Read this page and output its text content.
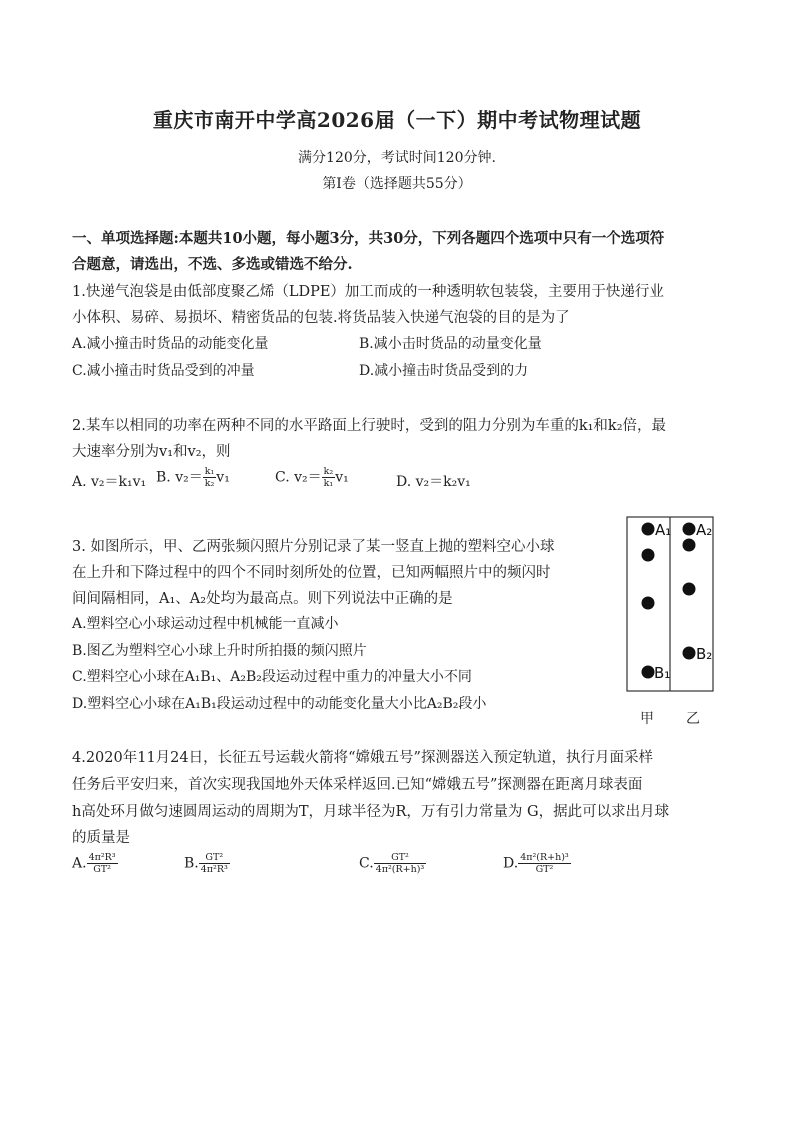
重庆市南开中学高2026届（一下）期中考试物理试题
满分120分，考试时间120分钟.
第Ⅰ卷（选择题共55分）
一、单项选择题:本题共10小题，每小题3分，共30分，下列各题四个选项中只有一个选项符
合题意，请选出，不选、多选或错选不给分.
1.快递气泡袋是由低部度聚乙烯（LDPE）加工而成的一种透明软包装袋，主要用于快递行业
小体积、易碎、易损坏、精密货品的包装.将货品装入快递气泡袋的目的是为了
A.减小撞击时货品的动能变化量	B.减小击时货品的动量变化量
C.减小撞击时货品受到的冲量	D.减小撞击时货品受到的力
2.某车以相同的功率在两种不同的水平路面上行驶时，受到的阻力分别为车重的k₁和k₂倍，最
大速率分别为v₁和v₂，则
A. v₂＝k₁v₁ B. $v_2= \frac{\text{k₁}}{\text{k₂}} v_1$	C. $v_2= \frac{\text{k₂}}{\text{k₁}} v_1$	D. v₂＝k₂v₁
3. 如图所示，甲、乙两张频闪照片分别记录了某一竖直上抛的塑料空心小球
在上升和下降过程中的四个不同时刻所处的位置，已知两幅照片中的频闪时
间间隔相同，A₁、A₂处均为最高点。则下列说法中正确的是
A.塑料空心小球运动过程中机械能一直减小
B.图乙为塑料空心小球上升时所拍摄的频闪照片
C.塑料空心小球在A₁B₁、A₂B₂段运动过程中重力的冲量大小不同
D.塑料空心小球在A₁B₁段运动过程中的动能变化量大小比A₂B₂段小
A₁ A₂
B₁
B₂
甲 乙
4.2020年11月24日，长征五号运载火箭将“嫦娥五号”探测器送入预定轨道，执行月面采样
任务后平安归来，首次实现我国地外天体采样返回.已知“嫦娥五号”探测器在距离月球表面
h高处环月做匀速圆周运动的周期为T，月球半径为R，万有引力常量为 G，据此可以求出月球
的质量是
A. $\frac{\text{4π²R³}}{\text{GT²}}$	B. $\frac{\text{GT²}}{\text{4π²R³}}$	C. $\frac{\text{GT²}}{\text{4π²(R+h)³}}$	D. $\frac{\text{4π²(R+h)³}}{\text{GT²}}$
